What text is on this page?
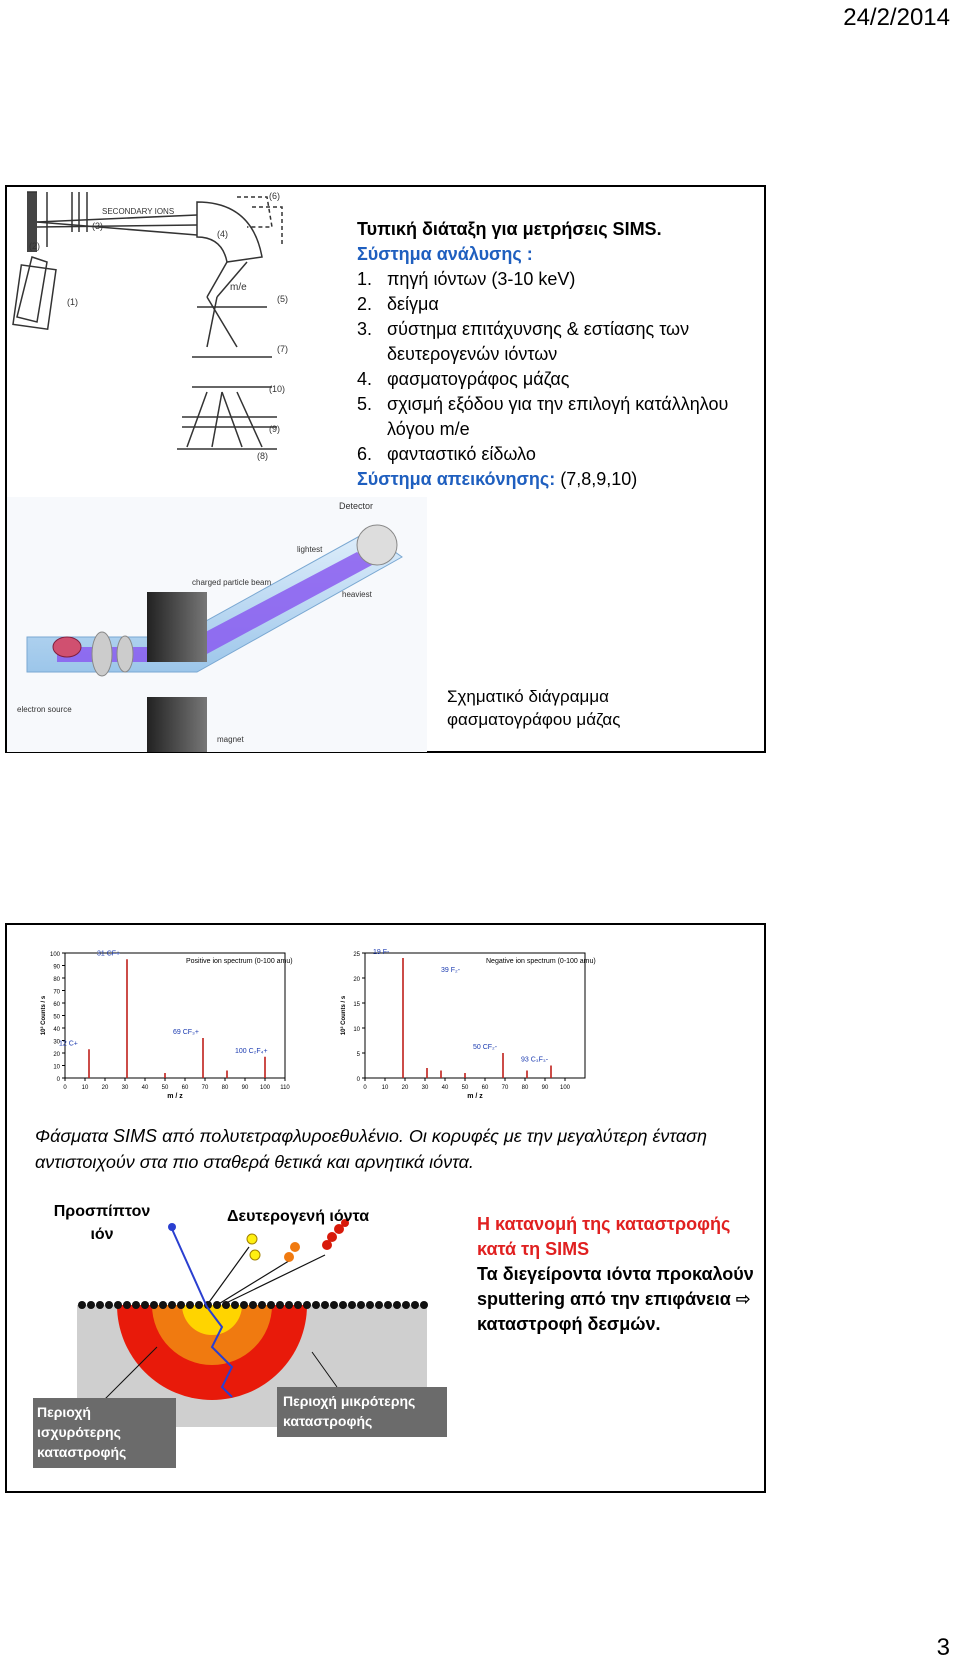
24/2/2014
SECONDARY IONS
m/e
(1)
(2)
(3)
(4)
(5)
(6)
(7)
(8)
(9)
(10)
Τυπική διάταξη για μετρήσεις SIMS.
Σύστημα ανάλυσης :
1. πηγή ιόντων (3-10 keV)
2. δείγμα
3. σύστημα επιτάχυνσης & εστίασης των δευτερογενών ιόντων
4. φασματογράφος μάζας
5. σχισμή εξόδου για την επιλογή κατάλληλου λόγου m/e
6. φανταστικό είδωλο
Σύστημα απεικόνησης: (7,8,9,10)
Detector
lightest
heaviest
magnet
charged particle beam
electron source
Σχηματικό διάγραμμα
φασματογράφου μάζας
0
10
20
30
40
50
60
70
80
90
100
0 10 20 30 40 50 60 70 80 90 100 110
12 C+
31 CF+
69 CF₃+
100 C₂F₄+
Positive ion spectrum (0-100 amu)
m / z
10³ Counts / s
0
5
10
15
20
25
0 10 20 30 40 50 60 70 80 90 100
19 F-
50 CF₂-
93 C₃F₃-
39 F₂-
Negative ion spectrum (0-100 amu)
m / z
10³ Counts / s
Φάσματα SIMS από πολυτετραφλυροεθυλένιο. Οι κορυφές με την μεγαλύτερη ένταση αντιστοιχούν στα πιο σταθερά θετικά και αρνητικά ιόντα.
Προσπίπτον ιόν
Δευτερογενή ιόντα	Η κατανομή της καταστροφής κατά τη SIMS
Τα διεγείροντα ιόντα προκαλούν sputtering από την επιφάνεια ⇨ καταστροφή δεσμών.
Περιοχή ισχυρότερης καταστροφής
Περιοχή μικρότερης καταστροφής
3
